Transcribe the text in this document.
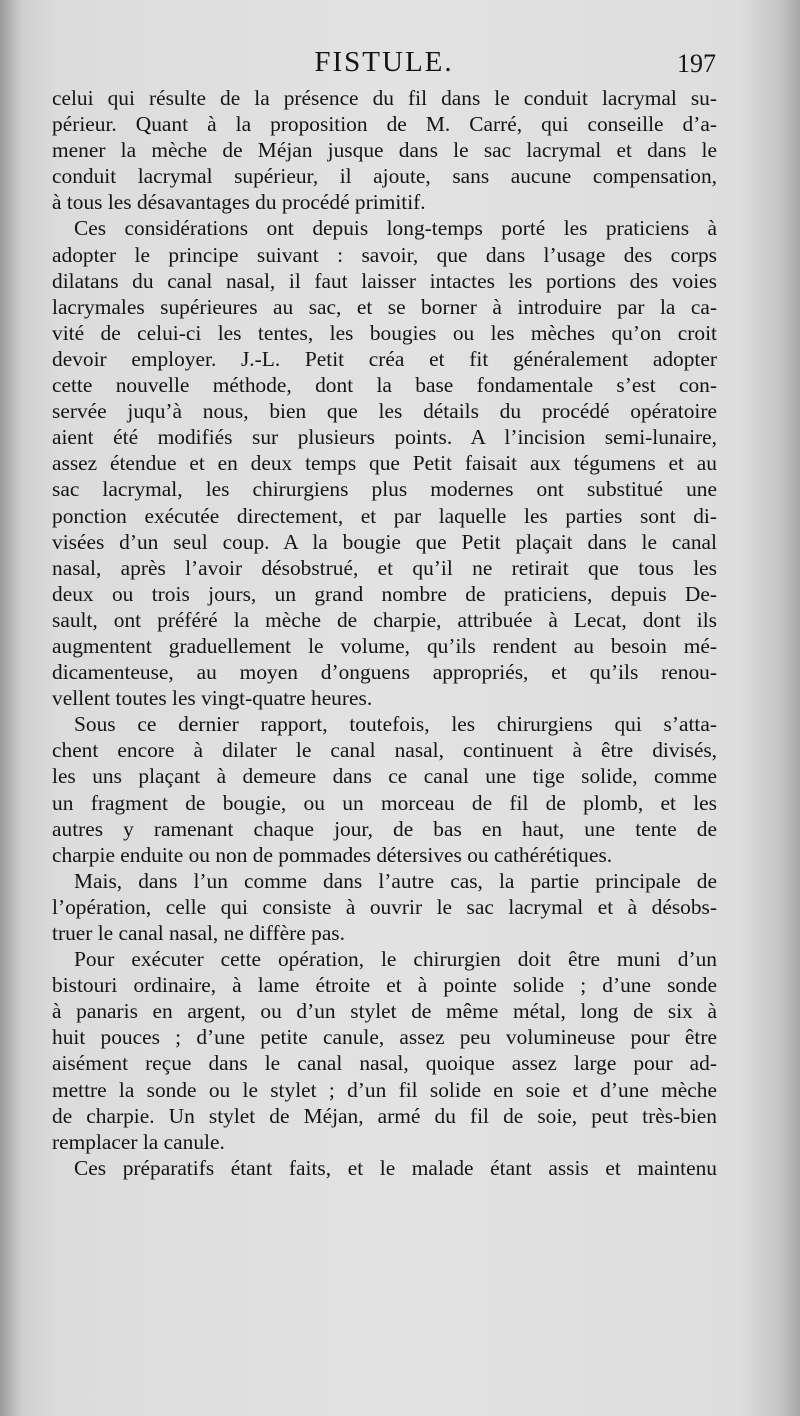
FISTULE.	197
celui qui résulte de la présence du fil dans le conduit lacrymal su-
périeur. Quant à la proposition de M. Carré, qui conseille d’a-
mener la mèche de Méjan jusque dans le sac lacrymal et dans le
conduit lacrymal supérieur, il ajoute, sans aucune compensation,
à tous les désavantages du procédé primitif.
Ces considérations ont depuis long-temps porté les praticiens à
adopter le principe suivant : savoir, que dans l’usage des corps
dilatans du canal nasal, il faut laisser intactes les portions des voies
lacrymales supérieures au sac, et se borner à introduire par la ca-
vité de celui-ci les tentes, les bougies ou les mèches qu’on croit
devoir employer. J.-L. Petit créa et fit généralement adopter
cette nouvelle méthode, dont la base fondamentale s’est con-
servée juqu’à nous, bien que les détails du procédé opératoire
aient été modifiés sur plusieurs points. A l’incision semi-lunaire,
assez étendue et en deux temps que Petit faisait aux tégumens et au
sac lacrymal, les chirurgiens plus modernes ont substitué une
ponction exécutée directement, et par laquelle les parties sont di-
visées d’un seul coup. A la bougie que Petit plaçait dans le canal
nasal, après l’avoir désobstrué, et qu’il ne retirait que tous les
deux ou trois jours, un grand nombre de praticiens, depuis De-
sault, ont préféré la mèche de charpie, attribuée à Lecat, dont ils
augmentent graduellement le volume, qu’ils rendent au besoin mé-
dicamenteuse, au moyen d’onguens appropriés, et qu’ils renou-
vellent toutes les vingt-quatre heures.
Sous ce dernier rapport, toutefois, les chirurgiens qui s’atta-
chent encore à dilater le canal nasal, continuent à être divisés,
les uns plaçant à demeure dans ce canal une tige solide, comme
un fragment de bougie, ou un morceau de fil de plomb, et les
autres y ramenant chaque jour, de bas en haut, une tente de
charpie enduite ou non de pommades détersives ou cathérétiques.
Mais, dans l’un comme dans l’autre cas, la partie principale de
l’opération, celle qui consiste à ouvrir le sac lacrymal et à désobs-
truer le canal nasal, ne diffère pas.
Pour exécuter cette opération, le chirurgien doit être muni d’un
bistouri ordinaire, à lame étroite et à pointe solide ; d’une sonde
à panaris en argent, ou d’un stylet de même métal, long de six à
huit pouces ; d’une petite canule, assez peu volumineuse pour être
aisément reçue dans le canal nasal, quoique assez large pour ad-
mettre la sonde ou le stylet ; d’un fil solide en soie et d’une mèche
de charpie. Un stylet de Méjan, armé du fil de soie, peut très-bien
remplacer la canule.
Ces préparatifs étant faits, et le malade étant assis et maintenu
